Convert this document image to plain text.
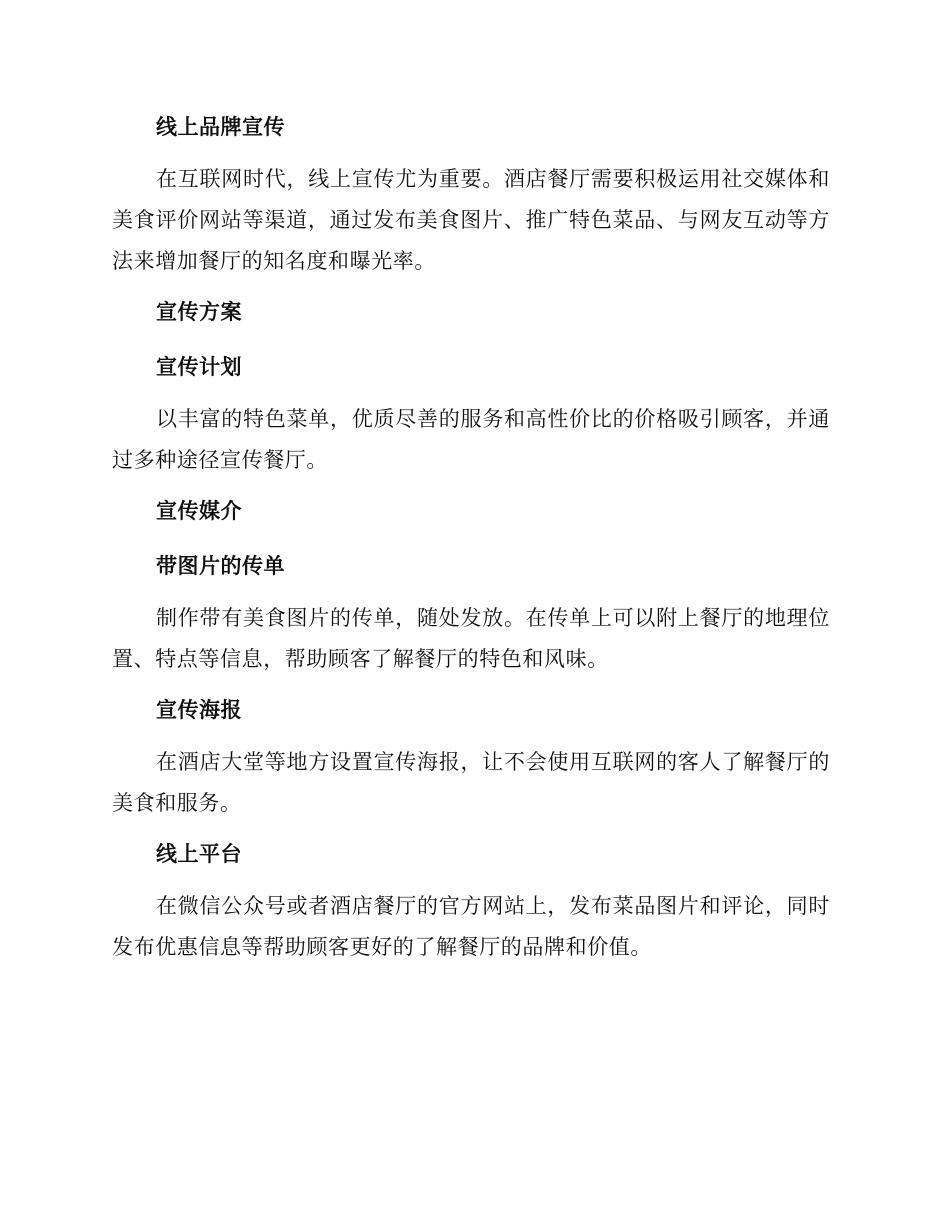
线上品牌宣传

在互联网时代，线上宣传尤为重要。酒店餐厅需要积极运用社交媒体和美食评价网站等渠道，通过发布美食图片、推广特色菜品、与网友互动等方法来增加餐厅的知名度和曝光率。

宣传方案
宣传计划

以丰富的特色菜单，优质尽善的服务和高性价比的价格吸引顾客，并通过多种途径宣传餐厅。

宣传媒介
带图片的传单

制作带有美食图片的传单，随处发放。在传单上可以附上餐厅的地理位置、特点等信息，帮助顾客了解餐厅的特色和风味。

宣传海报

在酒店大堂等地方设置宣传海报，让不会使用互联网的客人了解餐厅的美食和服务。

线上平台

在微信公众号或者酒店餐厅的官方网站上，发布菜品图片和评论，同时发布优惠信息等帮助顾客更好的了解餐厅的品牌和价值。
